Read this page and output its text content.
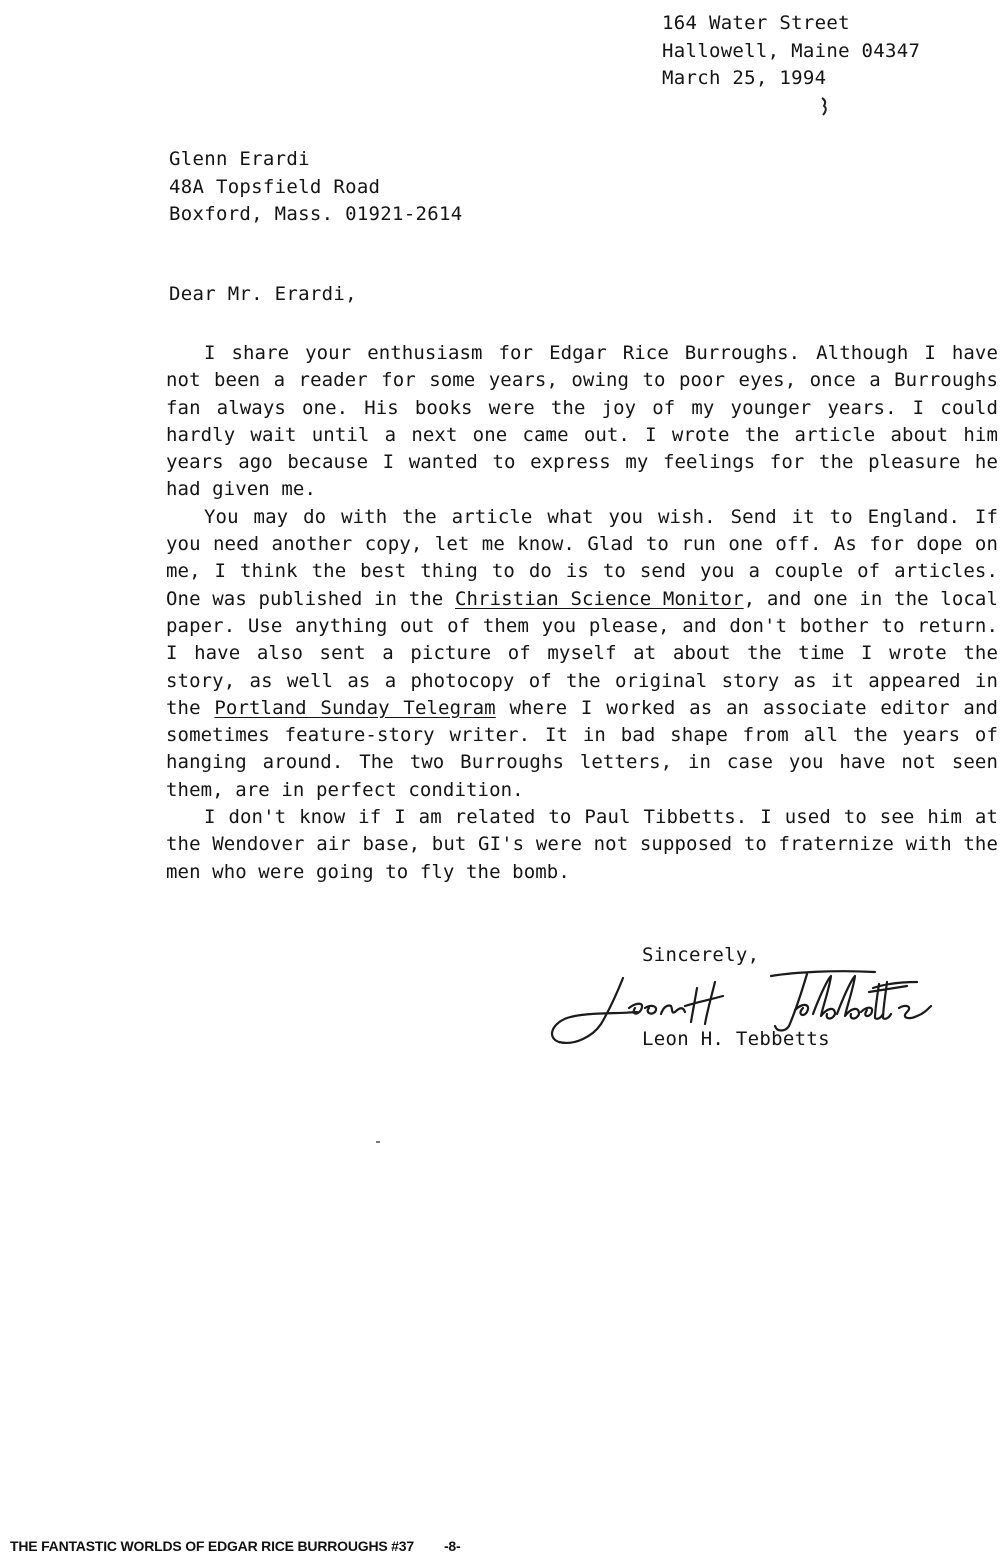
164 Water Street
Hallowell, Maine 04347
March 25, 1994
Glenn Erardi
48A Topsfield Road
Boxford, Mass. 01921-2614
Dear Mr. Erardi,

I share your enthusiasm for Edgar Rice Burroughs. Although I have not been a reader for some years, owing to poor eyes, once a Burroughs fan always one. His books were the joy of my younger years. I could hardly wait until a next one came out. I wrote the article about him years ago because I wanted to express my feelings for the pleasure he had given me.

You may do with the article what you wish. Send it to England. If you need another copy, let me know. Glad to run one off. As for dope on me, I think the best thing to do is to send you a couple of articles. One was published in the Christian Science Monitor, and one in the local paper. Use anything out of them you please, and don't bother to return. I have also sent a picture of myself at about the time I wrote the story, as well as a photocopy of the original story as it appeared in the Portland Sunday Telegram where I worked as an associate editor and sometimes feature-story writer. It in bad shape from all the years of hanging around. The two Burroughs letters, in case you have not seen them, are in perfect condition.

I don't know if I am related to Paul Tibbetts. I used to see him at the Wendover air base, but GI's were not supposed to fraternize with the men who were going to fly the bomb.

Sincerely,
Leon H. Tebbetts
THE FANTASTIC WORLDS OF EDGAR RICE BURROUGHS #37 -8-
